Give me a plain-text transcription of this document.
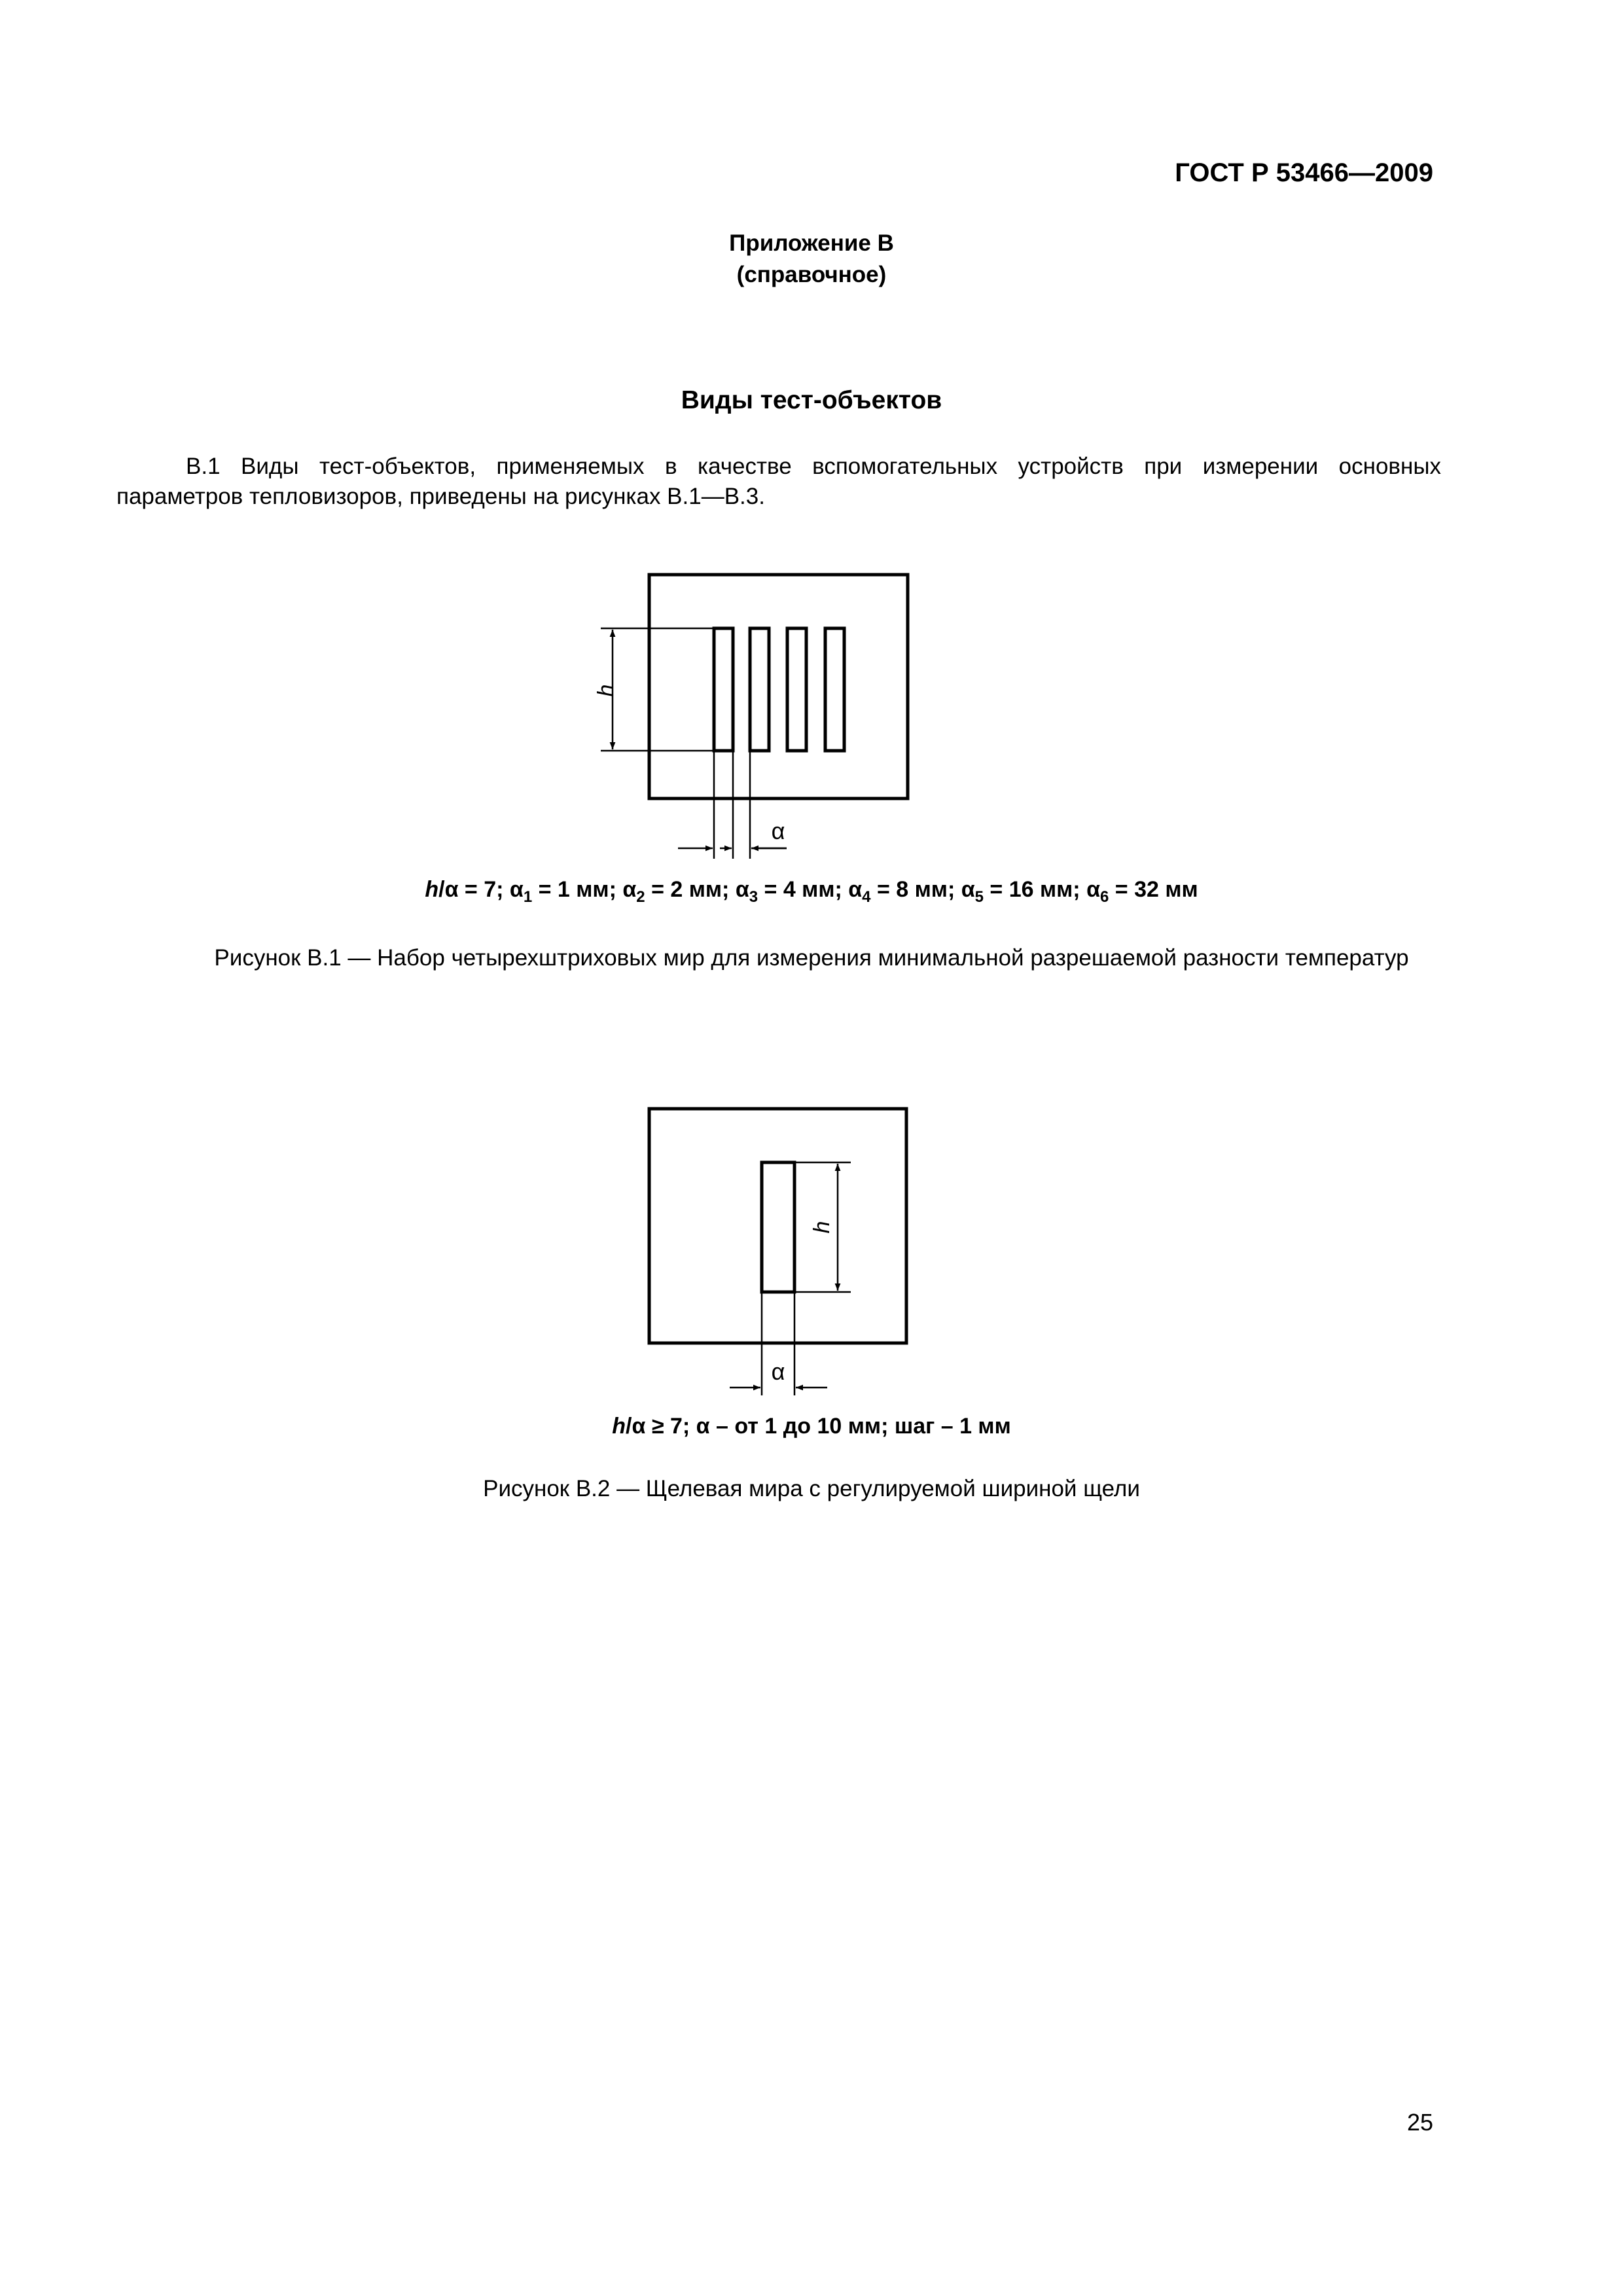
ГОСТ Р 53466—2009
Приложение В
(справочное)
Виды тест-объектов
В.1 Виды тест-объектов, применяемых в качестве вспомогательных устройств при измерении основных
параметров тепловизоров, приведены на рисунках В.1—В.3.
h
α
h/α = 7; $\alpha_1 = 1$ мм; $\alpha_2 = 2$ мм; $\alpha_3 = 4$ мм; $\alpha_4 = 8$ мм; $\alpha_5 = 16$ мм; $\alpha_6 = 32$ мм
Рисунок В.1 — Набор четырехштриховых мир для измерения минимальной разрешаемой разности температур
h
α
h/α ≥ 7; α – от 1 до 10 мм; шаг – 1 мм
Рисунок В.2 — Щелевая мира с регулируемой шириной щели
25
